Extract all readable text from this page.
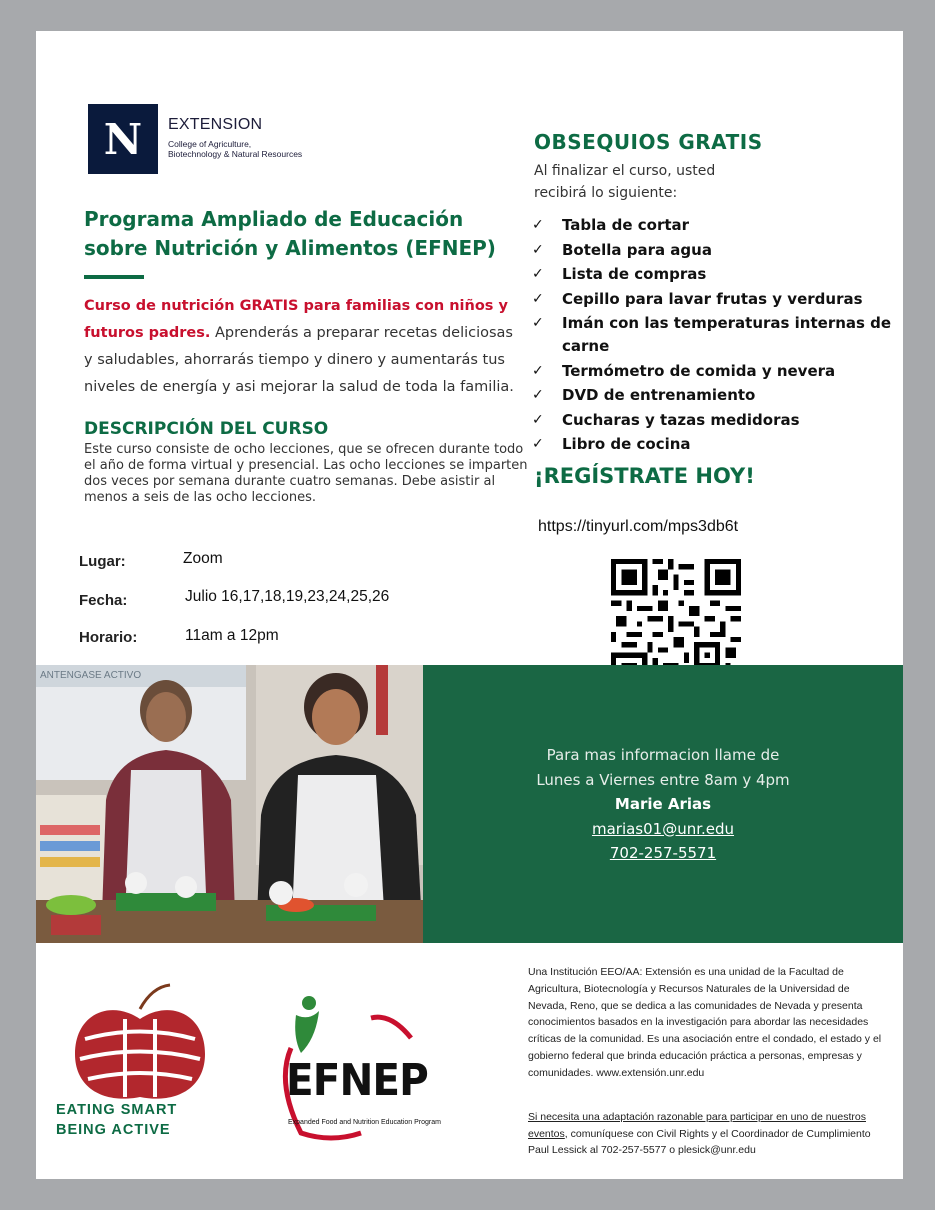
N EXTENSION
College of Agriculture,
Biotechnology & Natural Resources
Programa Ampliado de Educación
sobre Nutrición y Alimentos (EFNEP)
Curso de nutrición GRATIS para familias con niños y futuros padres. Aprenderás a preparar recetas deliciosas y saludables, ahorrarás tiempo y dinero y aumentarás tus niveles de energía y asi mejorar la salud de toda la familia.
DESCRIPCIÓN DEL CURSO
Este curso consiste de ocho lecciones, que se ofrecen durante todo el año de forma virtual y presencial. Las ocho lecciones se imparten dos veces por semana durante cuatro semanas. Debe asistir al menos a seis de las ocho lecciones.
Lugar:	Zoom
Fecha:	Julio 16,17,18,19,23,24,25,26
Horario:	11am a 12pm
OBSEQUIOS GRATIS
Al finalizar el curso, usted
recibirá lo siguiente:
✓	Tabla de cortar
✓	Botella para agua
✓	Lista de compras
✓	Cepillo para lavar frutas y verduras
✓	Imán con las temperaturas internas de carne
✓	Termómetro de comida y nevera
✓	DVD de entrenamiento
✓	Cucharas y tazas medidoras
✓	Libro de cocina
¡REGÍSTRATE HOY!
https://tinyurl.com/mps3db6t
ANTENGASE ACTIVO
Para mas informacion llame de
Lunes a Viernes entre 8am y 4pm
Marie Arias
marias01@unr.edu
702-257-5571
EATING SMART
BEING ACTIVE
EFNEP
Expanded Food and Nutrition Education Program
Una Institución EEO/AA: Extensión es una unidad de la Facultad de Agricultura, Biotecnología y Recursos Naturales de la Universidad de Nevada, Reno, que se dedica a las comunidades de Nevada y presenta conocimientos basados en la investigación para abordar las necesidades críticas de la comunidad. Es una asociación entre el condado, el estado y el gobierno federal que brinda educación práctica a personas, empresas y comunidades. www.extensión.unr.edu
Si necesita una adaptación razonable para participar en uno de nuestros eventos, comuníquese con Civil Rights y el Coordinador de Cumplimiento Paul Lessick al 702-257-5577 o plesick@unr.edu
